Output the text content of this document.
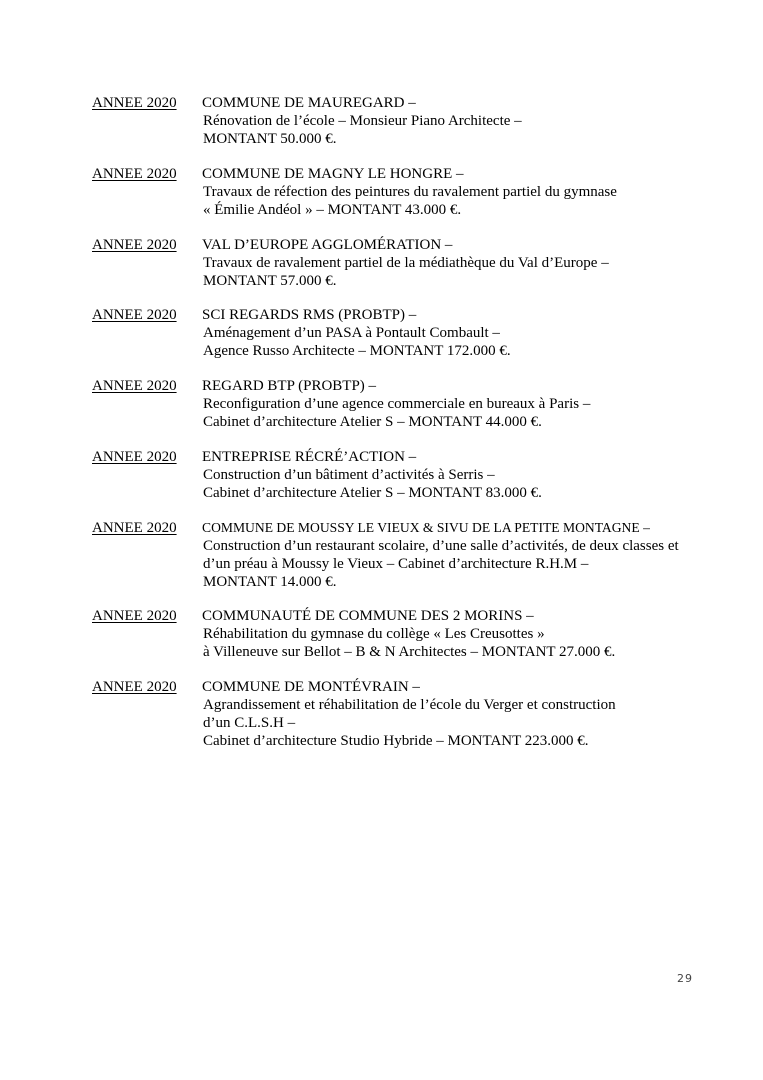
ANNEE 2020 COMMUNE DE MAUREGARD –
Rénovation de l’école – Monsieur Piano Architecte –
MONTANT 50.000 €.
ANNEE 2020 COMMUNE DE MAGNY LE HONGRE –
Travaux de réfection des peintures du ravalement partiel du gymnase
« Émilie Andéol » – MONTANT 43.000 €.
ANNEE 2020 VAL D’EUROPE AGGLOMÉRATION –
Travaux de ravalement partiel de la médiathèque du Val d’Europe –
MONTANT 57.000 €.
ANNEE 2020 SCI REGARDS RMS (PROBTP) –
Aménagement d’un PASA à Pontault Combault –
Agence Russo Architecte – MONTANT 172.000 €.
ANNEE 2020 REGARD BTP (PROBTP) –
Reconfiguration d’une agence commerciale en bureaux à Paris –
Cabinet d’architecture Atelier S – MONTANT 44.000 €.
ANNEE 2020 ENTREPRISE RÉCRÉ’ACTION –
Construction d’un bâtiment d’activités à Serris –
Cabinet d’architecture Atelier S – MONTANT 83.000 €.
ANNEE 2020 COMMUNE DE MOUSSY LE VIEUX & SIVU DE LA PETITE MONTAGNE –
Construction d’un restaurant scolaire, d’une salle d’activités, de deux classes et
d’un préau à Moussy le Vieux – Cabinet d’architecture R.H.M –
MONTANT 14.000 €.
ANNEE 2020 COMMUNAUTÉ DE COMMUNE DES 2 MORINS –
Réhabilitation du gymnase du collège « Les Creusottes »
à Villeneuve sur Bellot – B & N Architectes – MONTANT 27.000 €.
ANNEE 2020 COMMUNE DE MONTÉVRAIN –
Agrandissement et réhabilitation de l’école du Verger et construction
d’un C.L.S.H –
Cabinet d’architecture Studio Hybride – MONTANT 223.000 €.
29
